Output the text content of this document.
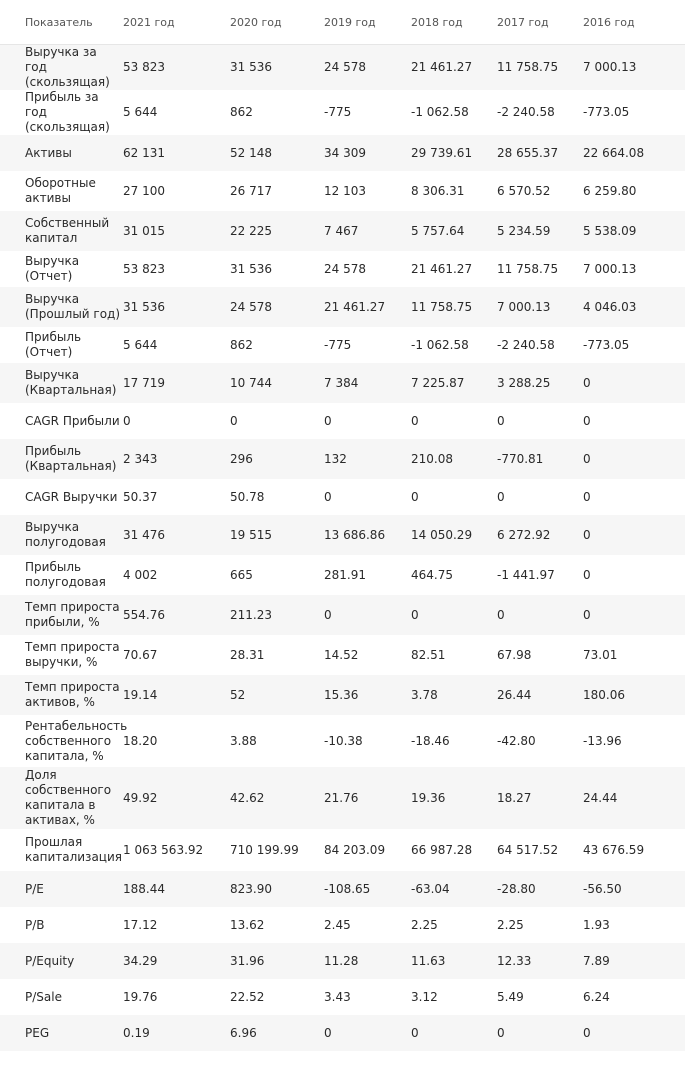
Показатель	2021 год	2020 год	2019 год	2018 год	2017 год	2016 год
Выручка за год (скользящая)	53 823	31 536	24 578	21 461.27	11 758.75	7 000.13
Прибыль за год (скользящая)	5 644	862	-775	-1 062.58	-2 240.58	-773.05
Активы	62 131	52 148	34 309	29 739.61	28 655.37	22 664.08
Оборотные активы	27 100	26 717	12 103	8 306.31	6 570.52	6 259.80
Собственный капитал	31 015	22 225	7 467	5 757.64	5 234.59	5 538.09
Выручка (Отчет)	53 823	31 536	24 578	21 461.27	11 758.75	7 000.13
Выручка (Прошлый год)	31 536	24 578	21 461.27	11 758.75	7 000.13	4 046.03
Прибыль (Отчет)	5 644	862	-775	-1 062.58	-2 240.58	-773.05
Выручка (Квартальная)	17 719	10 744	7 384	7 225.87	3 288.25	0
CAGR Прибыли	0	0	0	0	0	0
Прибыль (Квартальная)	2 343	296	132	210.08	-770.81	0
CAGR Выручки	50.37	50.78	0	0	0	0
Выручка полугодовая	31 476	19 515	13 686.86	14 050.29	6 272.92	0
Прибыль полугодовая	4 002	665	281.91	464.75	-1 441.97	0
Темп прироста прибыли, %	554.76	211.23	0	0	0	0
Темп прироста выручки, %	70.67	28.31	14.52	82.51	67.98	73.01
Темп прироста активов, %	19.14	52	15.36	3.78	26.44	180.06
Рентабельность собственного капитала, %	18.20	3.88	-10.38	-18.46	-42.80	-13.96
Доля собственного капитала в активах, %	49.92	42.62	21.76	19.36	18.27	24.44
Прошлая капитализация	1 063 563.92	710 199.99	84 203.09	66 987.28	64 517.52	43 676.59
P/E	188.44	823.90	-108.65	-63.04	-28.80	-56.50
P/B	17.12	13.62	2.45	2.25	2.25	1.93
P/Equity	34.29	31.96	11.28	11.63	12.33	7.89
P/Sale	19.76	22.52	3.43	3.12	5.49	6.24
PEG	0.19	6.96	0	0	0	0
